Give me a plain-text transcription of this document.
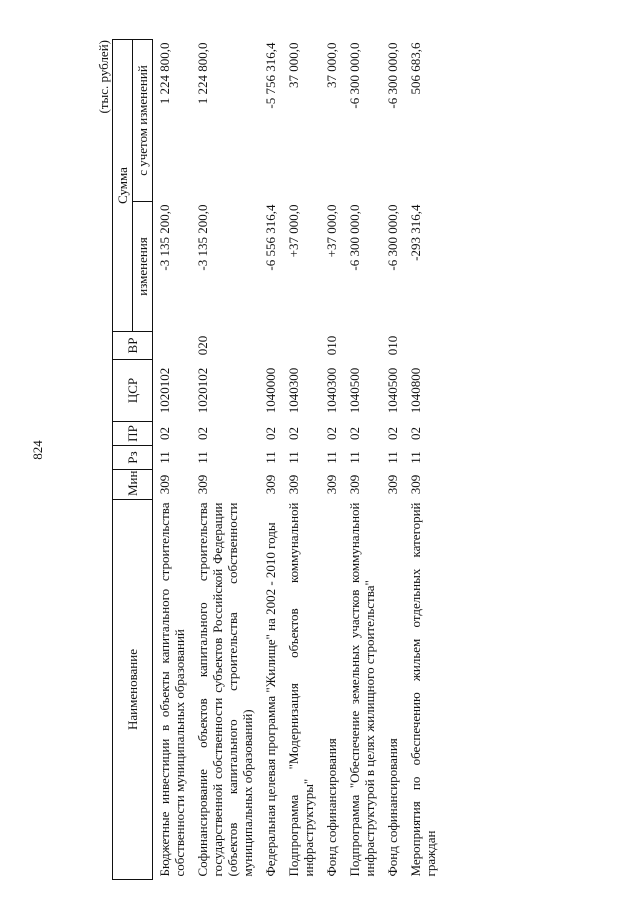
824
(тыс. рублей)
Наименование	Мин	Рз	ПР	ЦСР	ВР	Сумма	
						изменения	с учетом изменений
Бюджетные инвестиции в объекты капитального строительства собственности муниципальных образований	309	11	02	1020102		-3 135 200,0	1 224 800,0
Софинансирование объектов капитального строительства государственной собственности субъектов Российской Федерации (объектов капитального строительства собственности муниципальных образований)	309	11	02	1020102	020	-3 135 200,0	1 224 800,0
Федеральная целевая программа "Жилище" на 2002 - 2010 годы	309	11	02	1040000		-6 556 316,4	-5 756 316,4
Подпрограмма "Модернизация объектов коммунальной инфраструктуры"	309	11	02	1040300		+37 000,0	37 000,0
Фонд софинансирования	309	11	02	1040300	010	+37 000,0	37 000,0
Подпрограмма "Обеспечение земельных участков коммунальной инфраструктурой в целях жилищного строительства"	309	11	02	1040500		-6 300 000,0	-6 300 000,0
Фонд софинансирования	309	11	02	1040500	010	-6 300 000,0	-6 300 000,0
Мероприятия по обеспечению жильем отдельных категорий граждан	309	11	02	1040800		-293 316,4	506 683,6
